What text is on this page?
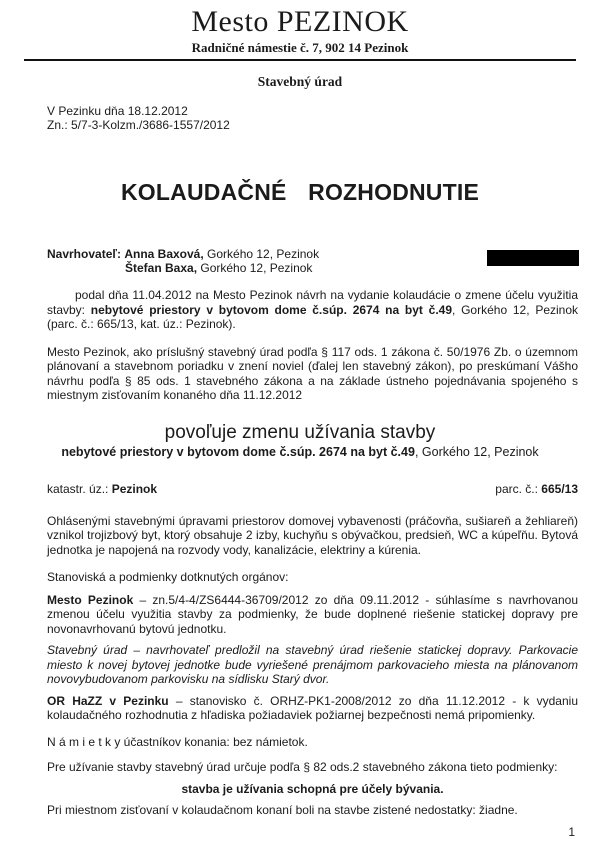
Mesto PEZINOK
Radničné námestie č. 7, 902 14 Pezinok
Stavebný úrad
V Pezinku dňa 18.12.2012
Zn.: 5/7-3-Kolzm./3686-1557/2012
KOLAUDAČNÉ ROZHODNUTIE
Navrhovateľ: Anna Baxová, Gorkého 12, Pezinok
Štefan Baxa, Gorkého 12, Pezinok

podal dňa 11.04.2012 na Mesto Pezinok návrh na vydanie kolaudácie o zmene účelu využitia stavby: nebytové priestory v bytovom dome č.súp. 2674 na byt č.49, Gorkého 12, Pezinok (parc. č.: 665/13, kat. úz.: Pezinok).

Mesto Pezinok, ako príslušný stavebný úrad podľa § 117 ods. 1 zákona č. 50/1976 Zb. o územnom plánovaní a stavebnom poriadku v znení noviel (ďalej len stavebný zákon), po preskúmaní Vášho návrhu podľa § 85 ods. 1 stavebného zákona a na základe ústneho pojednávania spojeného s miestnym zisťovaním konaného dňa 11.12.2012

povoľuje zmenu užívania stavby
nebytové priestory v bytovom dome č.súp. 2674 na byt č.49, Gorkého 12, Pezinok
katastr. úz.: Pezinok	parc. č.: 665/13

Ohlásenými stavebnými úpravami priestorov domovej vybavenosti (práčovňa, sušiareň a žehliareň) vznikol trojizbový byt, ktorý obsahuje 2 izby, kuchyňu s obývačkou, predsieň, WC a kúpeľňu. Bytová jednotka je napojená na rozvody vody, kanalizácie, elektriny a kúrenia.

Stanoviská a podmienky dotknutých orgánov:

Mesto Pezinok – zn.5/4-4/ZS6444-36709/2012 zo dňa 09.11.2012 - súhlasíme s navrhovanou zmenou účelu využitia stavby za podmienky, že bude doplnené riešenie statickej dopravy pre novonavrhovanú bytovú jednotku.

Stavebný úrad – navrhovateľ predložil na stavebný úrad riešenie statickej dopravy. Parkovacie miesto k novej bytovej jednotke bude vyriešené prenájmom parkovacieho miesta na plánovanom novovybudovanom parkovisku na sídlisku Starý dvor.

OR HaZZ v Pezinku – stanovisko č. ORHZ-PK1-2008/2012 zo dňa 11.12.2012 - k vydaniu kolaudačného rozhodnutia z hľadiska požiadaviek požiarnej bezpečnosti nemá pripomienky.

N á m i e t k y účastníkov konania: bez námietok.
Pre užívanie stavby stavebný úrad určuje podľa § 82 ods.2 stavebného zákona tieto podmienky:
stavba je užívania schopná pre účely bývania.
Pri miestnom zisťovaní v kolaudačnom konaní boli na stavbe zistené nedostatky: žiadne.
1
